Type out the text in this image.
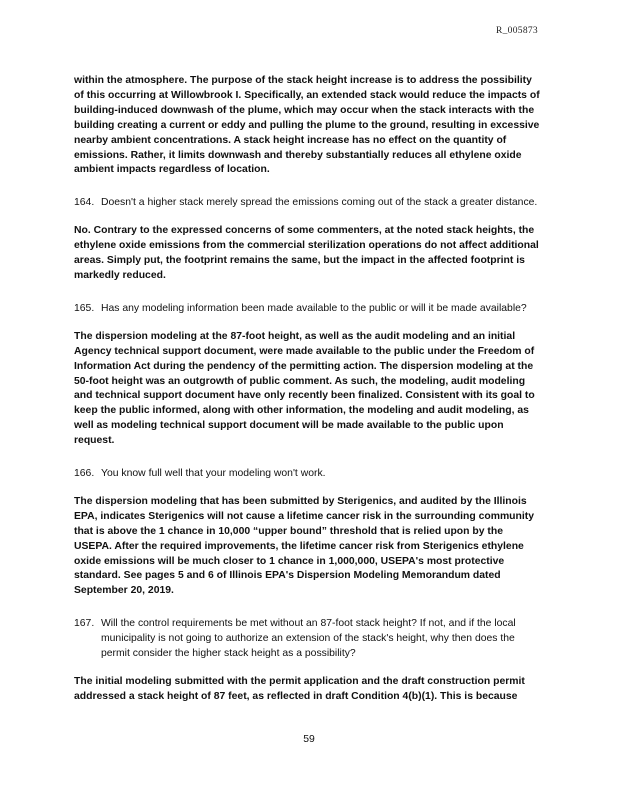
R_005873

within the atmosphere. The purpose of the stack height increase is to address the possibility of this occurring at Willowbrook I. Specifically, an extended stack would reduce the impacts of building-induced downwash of the plume, which may occur when the stack interacts with the building creating a current or eddy and pulling the plume to the ground, resulting in excessive nearby ambient concentrations. A stack height increase has no effect on the quantity of emissions. Rather, it limits downwash and thereby substantially reduces all ethylene oxide ambient impacts regardless of location.

164. Doesn't a higher stack merely spread the emissions coming out of the stack a greater distance.

No. Contrary to the expressed concerns of some commenters, at the noted stack heights, the ethylene oxide emissions from the commercial sterilization operations do not affect additional areas. Simply put, the footprint remains the same, but the impact in the affected footprint is markedly reduced.

165. Has any modeling information been made available to the public or will it be made available?

The dispersion modeling at the 87-foot height, as well as the audit modeling and an initial Agency technical support document, were made available to the public under the Freedom of Information Act during the pendency of the permitting action. The dispersion modeling at the 50-foot height was an outgrowth of public comment. As such, the modeling, audit modeling and technical support document have only recently been finalized. Consistent with its goal to keep the public informed, along with other information, the modeling and audit modeling, as well as modeling technical support document will be made available to the public upon request.

166. You know full well that your modeling won't work.

The dispersion modeling that has been submitted by Sterigenics, and audited by the Illinois EPA, indicates Sterigenics will not cause a lifetime cancer risk in the surrounding community that is above the 1 chance in 10,000 “upper bound” threshold that is relied upon by the USEPA. After the required improvements, the lifetime cancer risk from Sterigenics ethylene oxide emissions will be much closer to 1 chance in 1,000,000, USEPA's most protective standard. See pages 5 and 6 of Illinois EPA's Dispersion Modeling Memorandum dated September 20, 2019.

167. Will the control requirements be met without an 87-foot stack height? If not, and if the local municipality is not going to authorize an extension of the stack's height, why then does the permit consider the higher stack height as a possibility?

The initial modeling submitted with the permit application and the draft construction permit addressed a stack height of 87 feet, as reflected in draft Condition 4(b)(1). This is because

59
